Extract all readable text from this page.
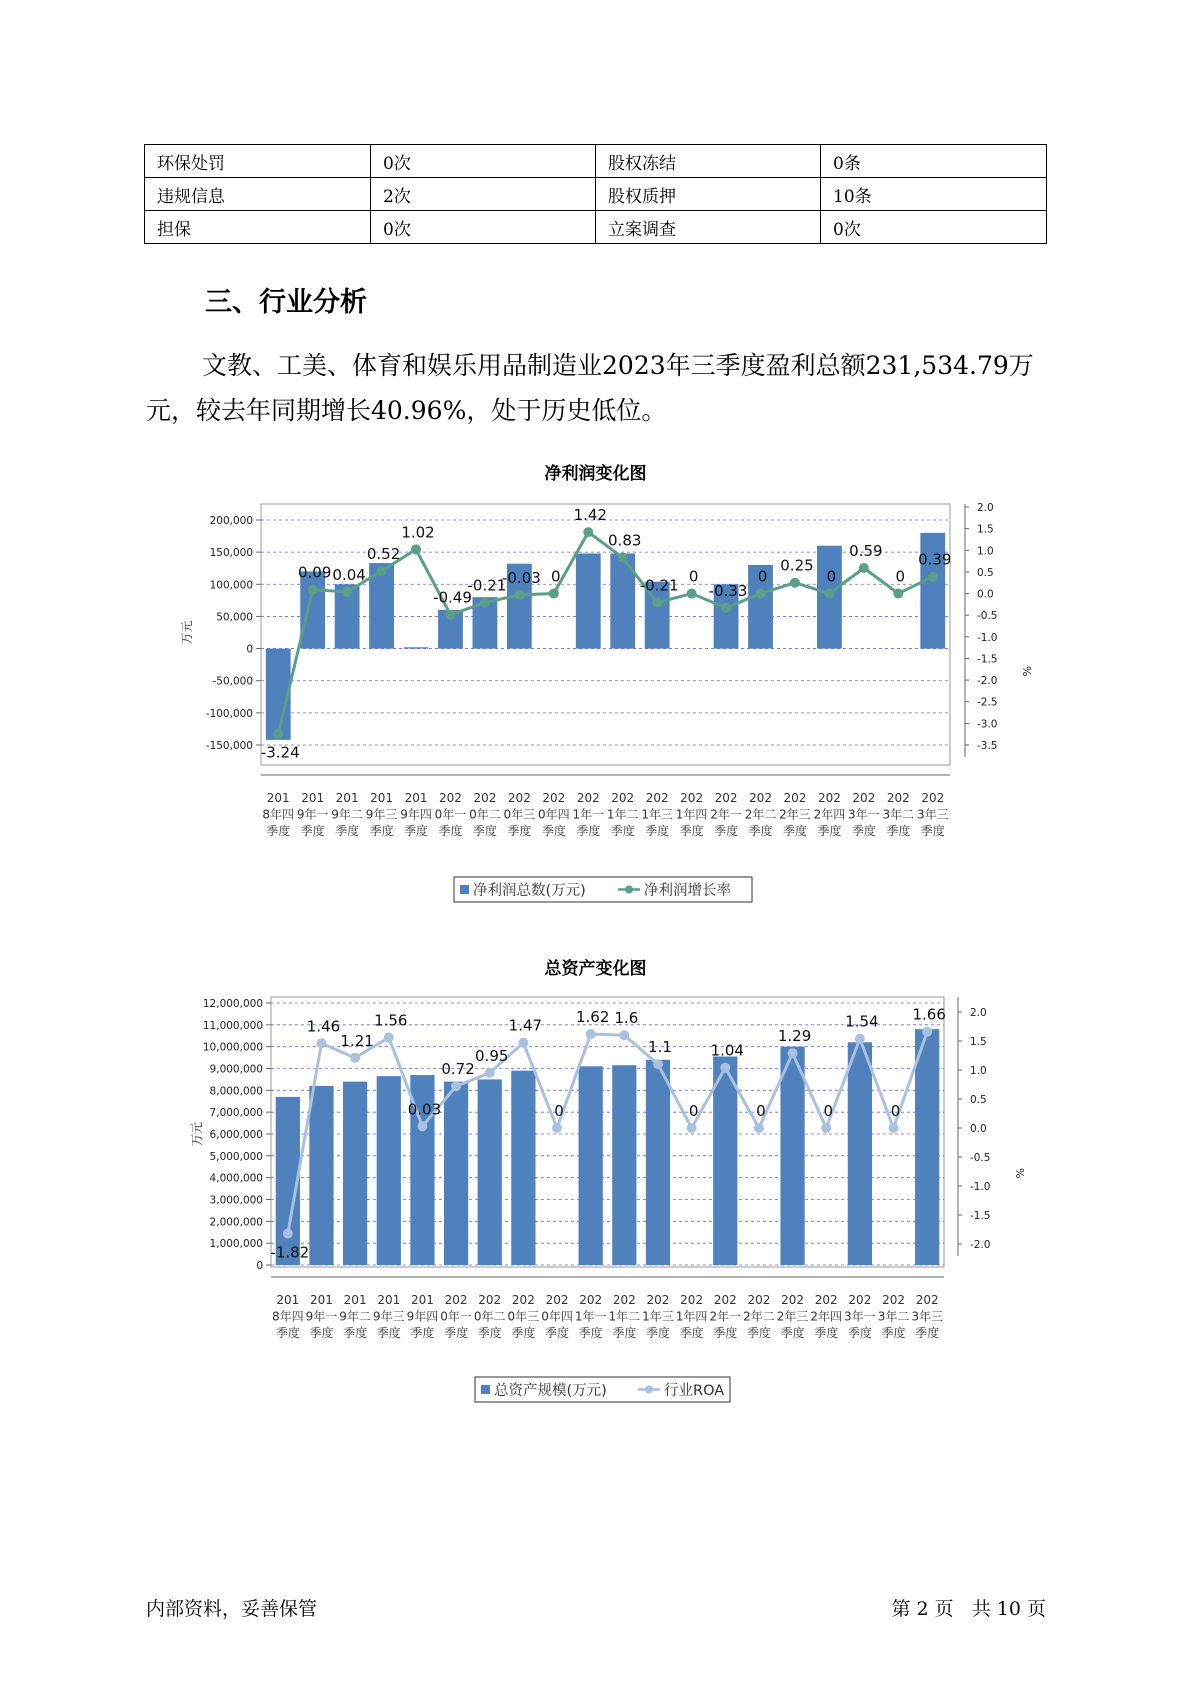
环保处罚	0次	股权冻结	0条
违规信息	2次	股权质押	10条
担保	0次	立案调查	0次
三、行业分析

文教、工美、体育和娱乐用品制造业2023年三季度盈利总额231,534.79万元，较去年同期增长40.96%，处于历史低位。

净利润变化图
200,000
150,000
100,000
50,000
0
-50,000
-100,000
-150,000
万元
2.0
1.5
1.0
0.5
0.0
-0.5
-1.0
-1.5
-2.0
-2.5
-3.0
-3.5
%
-3.24
0.09 0.04
0.52
1.02
-0.49
-0.21
-0.03 0
1.42
0.83
-0.21
0
-0.33
0
0.25
0
0.59
0
0.39
201 8年四季度
201 9年一季度
201 9年二季度
201 9年三季度
201 9年四季度
202 0年一季度
202 0年二季度
202 0年三季度
202 0年四季度
202 1年一季度
202 1年二季度
202 1年三季度
202 1年四季度
202 2年一季度
202 2年二季度
202 2年三季度
202 2年四季度
202 3年一季度
202 3年二季度
202 3年三季度
净利润总数(万元)	净利润增长率
总资产变化图
12,000,000
11,000,000
10,000,000
9,000,000
8,000,000
7,000,000
6,000,000
5,000,000
4,000,000
3,000,000
2,000,000
1,000,000
0
万元
2.0
1.5
1.0
0.5
0.0
-0.5
-1.0
-1.5
-2.0
%
-1.82
1.46
1.21
1.56
0.03
0.72
0.95
1.47
0
1.62 1.6
1.1
0
1.04
0
1.29
0
1.54
0
1.66
201 8年四季度
201 9年一季度
201 9年二季度
201 9年三季度
201 9年四季度
202 0年一季度
202 0年二季度
202 0年三季度
202 0年四季度
202 1年一季度
202 1年二季度
202 1年三季度
202 1年四季度
202 2年一季度
202 2年二季度
202 2年三季度
202 2年四季度
202 3年一季度
202 3年二季度
202 3年三季度
总资产规模(万元)	行业ROA
内部资料，妥善保管	第 2 页   共 10 页
